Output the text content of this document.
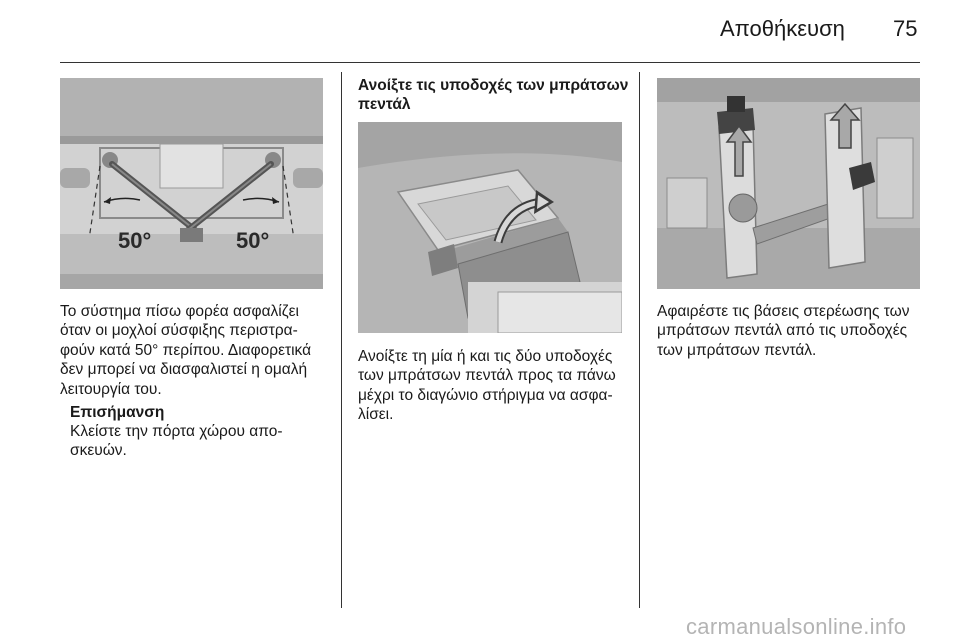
Αποθήκευση 75
50°	50°

Το σύστημα πίσω φορέα ασφαλίζει
όταν οι μοχλοί σύσφιξης περιστρα-
φούν κατά 50° περίπου. Διαφορετικά
δεν μπορεί να διασφαλιστεί η ομαλή
λειτουργία του.

Επισήμανση

Κλείστε την πόρτα χώρου απο-
σκευών.

Ανοίξτε τις υποδοχές των μπράτσων
πεντάλ

Ανοίξτε τη μία ή και τις δύο υποδοχές
των μπράτσων πεντάλ προς τα πάνω
μέχρι το διαγώνιο στήριγμα να ασφα-
λίσει.

Αφαιρέστε τις βάσεις στερέωσης των
μπράτσων πεντάλ από τις υποδοχές
των μπράτσων πεντάλ.

carmanualsonline.info
